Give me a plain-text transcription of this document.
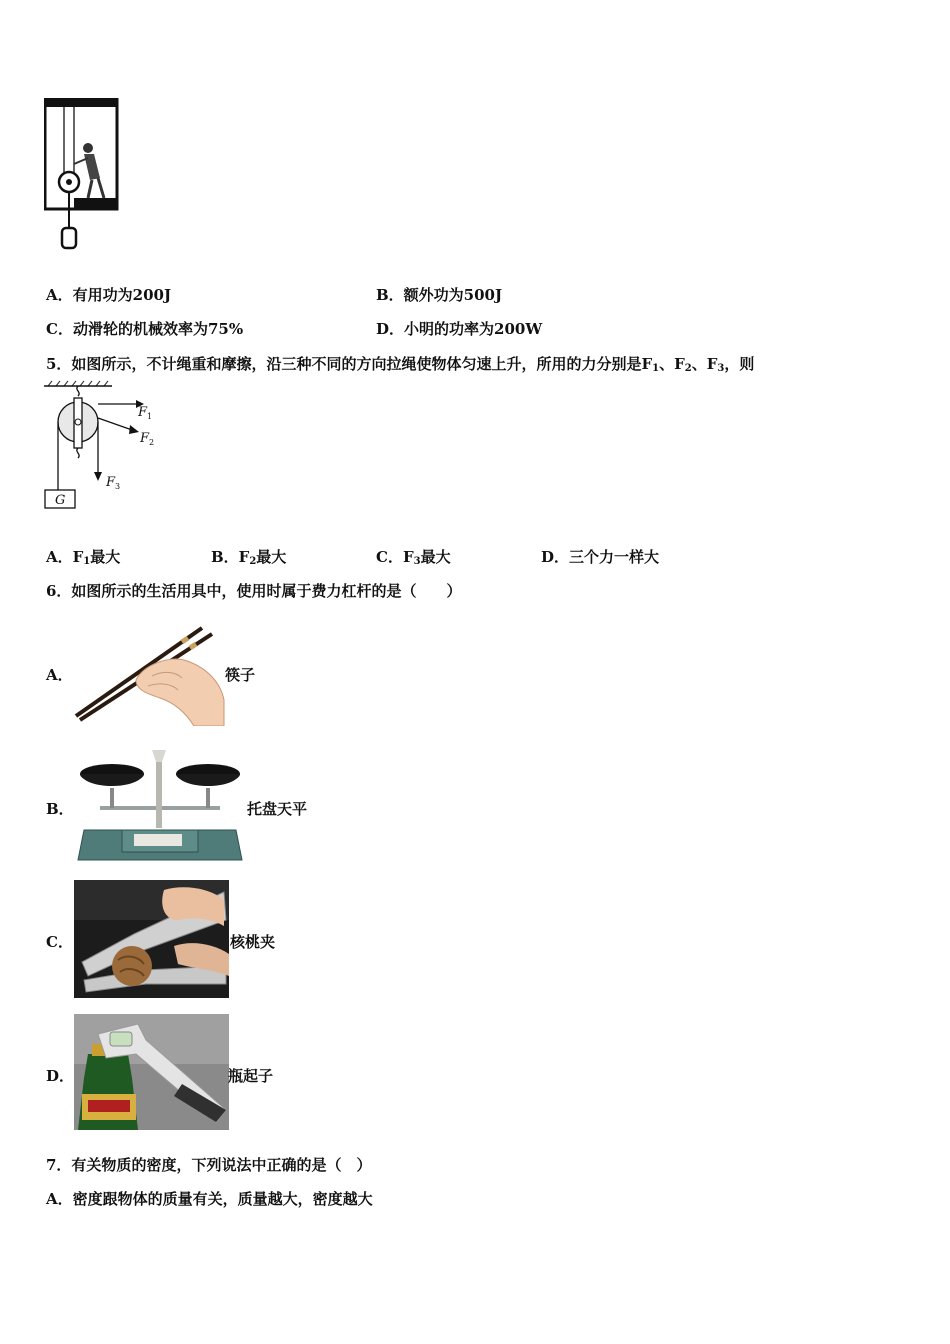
A．有用功为200J	B．额外功为500J
C．动滑轮的机械效率为75%	D．小明的功率为200W
5．如图所示，不计绳重和摩擦，沿三种不同的方向拉绳使物体匀速上升，所用的力分别是$F_1$、$F_2$、$F_3$，则
F 1
F 2
F 3
G
A．$F_1$最大	B．$F_2$最大	C．$F_3$最大	D．三个力一样大
6．如图所示的生活用具中，使用时属于费力杠杆的是（　　）
A．	筷子
B．	托盘天平
C．	核桃夹
D．	瓶起子
7．有关物质的密度，下列说法中正确的是（　）
A．密度跟物体的质量有关，质量越大，密度越大
